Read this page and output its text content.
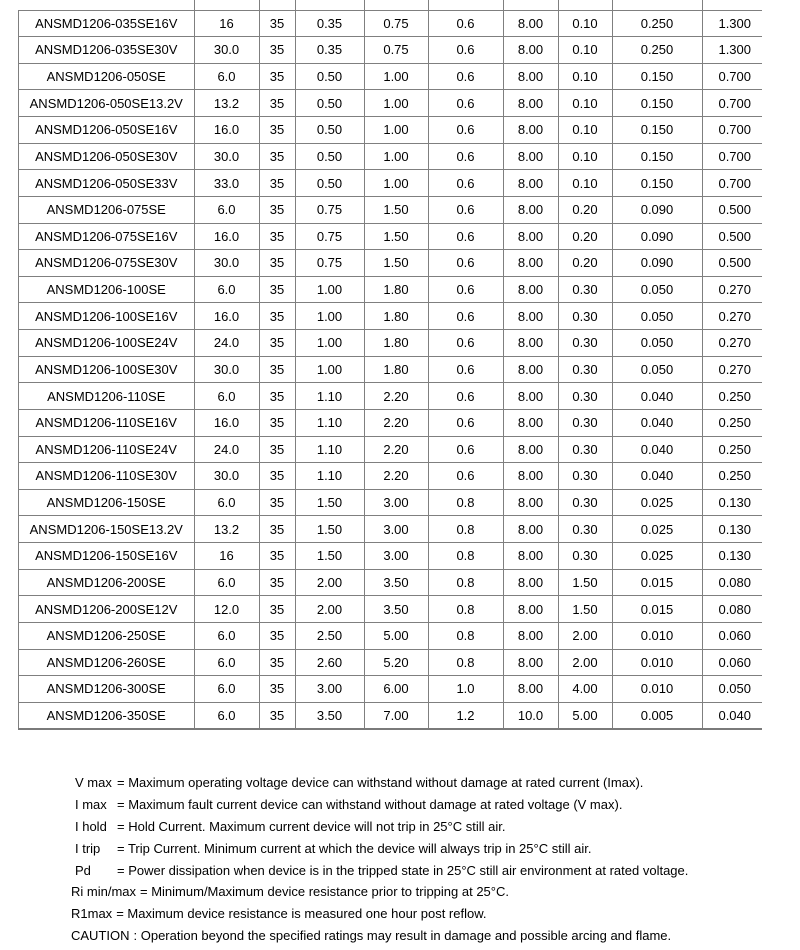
ANSMD1206-035SE16V	16	35	0.35	0.75	0.6	8.00	0.10	0.250	1.300
ANSMD1206-035SE30V	30.0	35	0.35	0.75	0.6	8.00	0.10	0.250	1.300
ANSMD1206-050SE	6.0	35	0.50	1.00	0.6	8.00	0.10	0.150	0.700
ANSMD1206-050SE13.2V	13.2	35	0.50	1.00	0.6	8.00	0.10	0.150	0.700
ANSMD1206-050SE16V	16.0	35	0.50	1.00	0.6	8.00	0.10	0.150	0.700
ANSMD1206-050SE30V	30.0	35	0.50	1.00	0.6	8.00	0.10	0.150	0.700
ANSMD1206-050SE33V	33.0	35	0.50	1.00	0.6	8.00	0.10	0.150	0.700
ANSMD1206-075SE	6.0	35	0.75	1.50	0.6	8.00	0.20	0.090	0.500
ANSMD1206-075SE16V	16.0	35	0.75	1.50	0.6	8.00	0.20	0.090	0.500
ANSMD1206-075SE30V	30.0	35	0.75	1.50	0.6	8.00	0.20	0.090	0.500
ANSMD1206-100SE	6.0	35	1.00	1.80	0.6	8.00	0.30	0.050	0.270
ANSMD1206-100SE16V	16.0	35	1.00	1.80	0.6	8.00	0.30	0.050	0.270
ANSMD1206-100SE24V	24.0	35	1.00	1.80	0.6	8.00	0.30	0.050	0.270
ANSMD1206-100SE30V	30.0	35	1.00	1.80	0.6	8.00	0.30	0.050	0.270
ANSMD1206-110SE	6.0	35	1.10	2.20	0.6	8.00	0.30	0.040	0.250
ANSMD1206-110SE16V	16.0	35	1.10	2.20	0.6	8.00	0.30	0.040	0.250
ANSMD1206-110SE24V	24.0	35	1.10	2.20	0.6	8.00	0.30	0.040	0.250
ANSMD1206-110SE30V	30.0	35	1.10	2.20	0.6	8.00	0.30	0.040	0.250
ANSMD1206-150SE	6.0	35	1.50	3.00	0.8	8.00	0.30	0.025	0.130
ANSMD1206-150SE13.2V	13.2	35	1.50	3.00	0.8	8.00	0.30	0.025	0.130
ANSMD1206-150SE16V	16	35	1.50	3.00	0.8	8.00	0.30	0.025	0.130
ANSMD1206-200SE	6.0	35	2.00	3.50	0.8	8.00	1.50	0.015	0.080
ANSMD1206-200SE12V	12.0	35	2.00	3.50	0.8	8.00	1.50	0.015	0.080
ANSMD1206-250SE	6.0	35	2.50	5.00	0.8	8.00	2.00	0.010	0.060
ANSMD1206-260SE	6.0	35	2.60	5.20	0.8	8.00	2.00	0.010	0.060
ANSMD1206-300SE	6.0	35	3.00	6.00	1.0	8.00	4.00	0.010	0.050
ANSMD1206-350SE	6.0	35	3.50	7.00	1.2	10.0	5.00	0.005	0.040
V max = Maximum operating voltage device can withstand without damage at rated current (Imax).
I max = Maximum fault current device can withstand without damage at rated voltage (V max).
I hold = Hold Current. Maximum current device will not trip in 25°C still air.
I trip = Trip Current. Minimum current at which the device will always trip in 25°C still air.
Pd = Power dissipation when device is in the tripped state in 25°C still air environment at rated voltage.
Ri min/max = Minimum/Maximum device resistance prior to tripping at 25°C.
R1max = Maximum device resistance is measured one hour post reflow.
CAUTION : Operation beyond the specified ratings may result in damage and possible arcing and flame.
